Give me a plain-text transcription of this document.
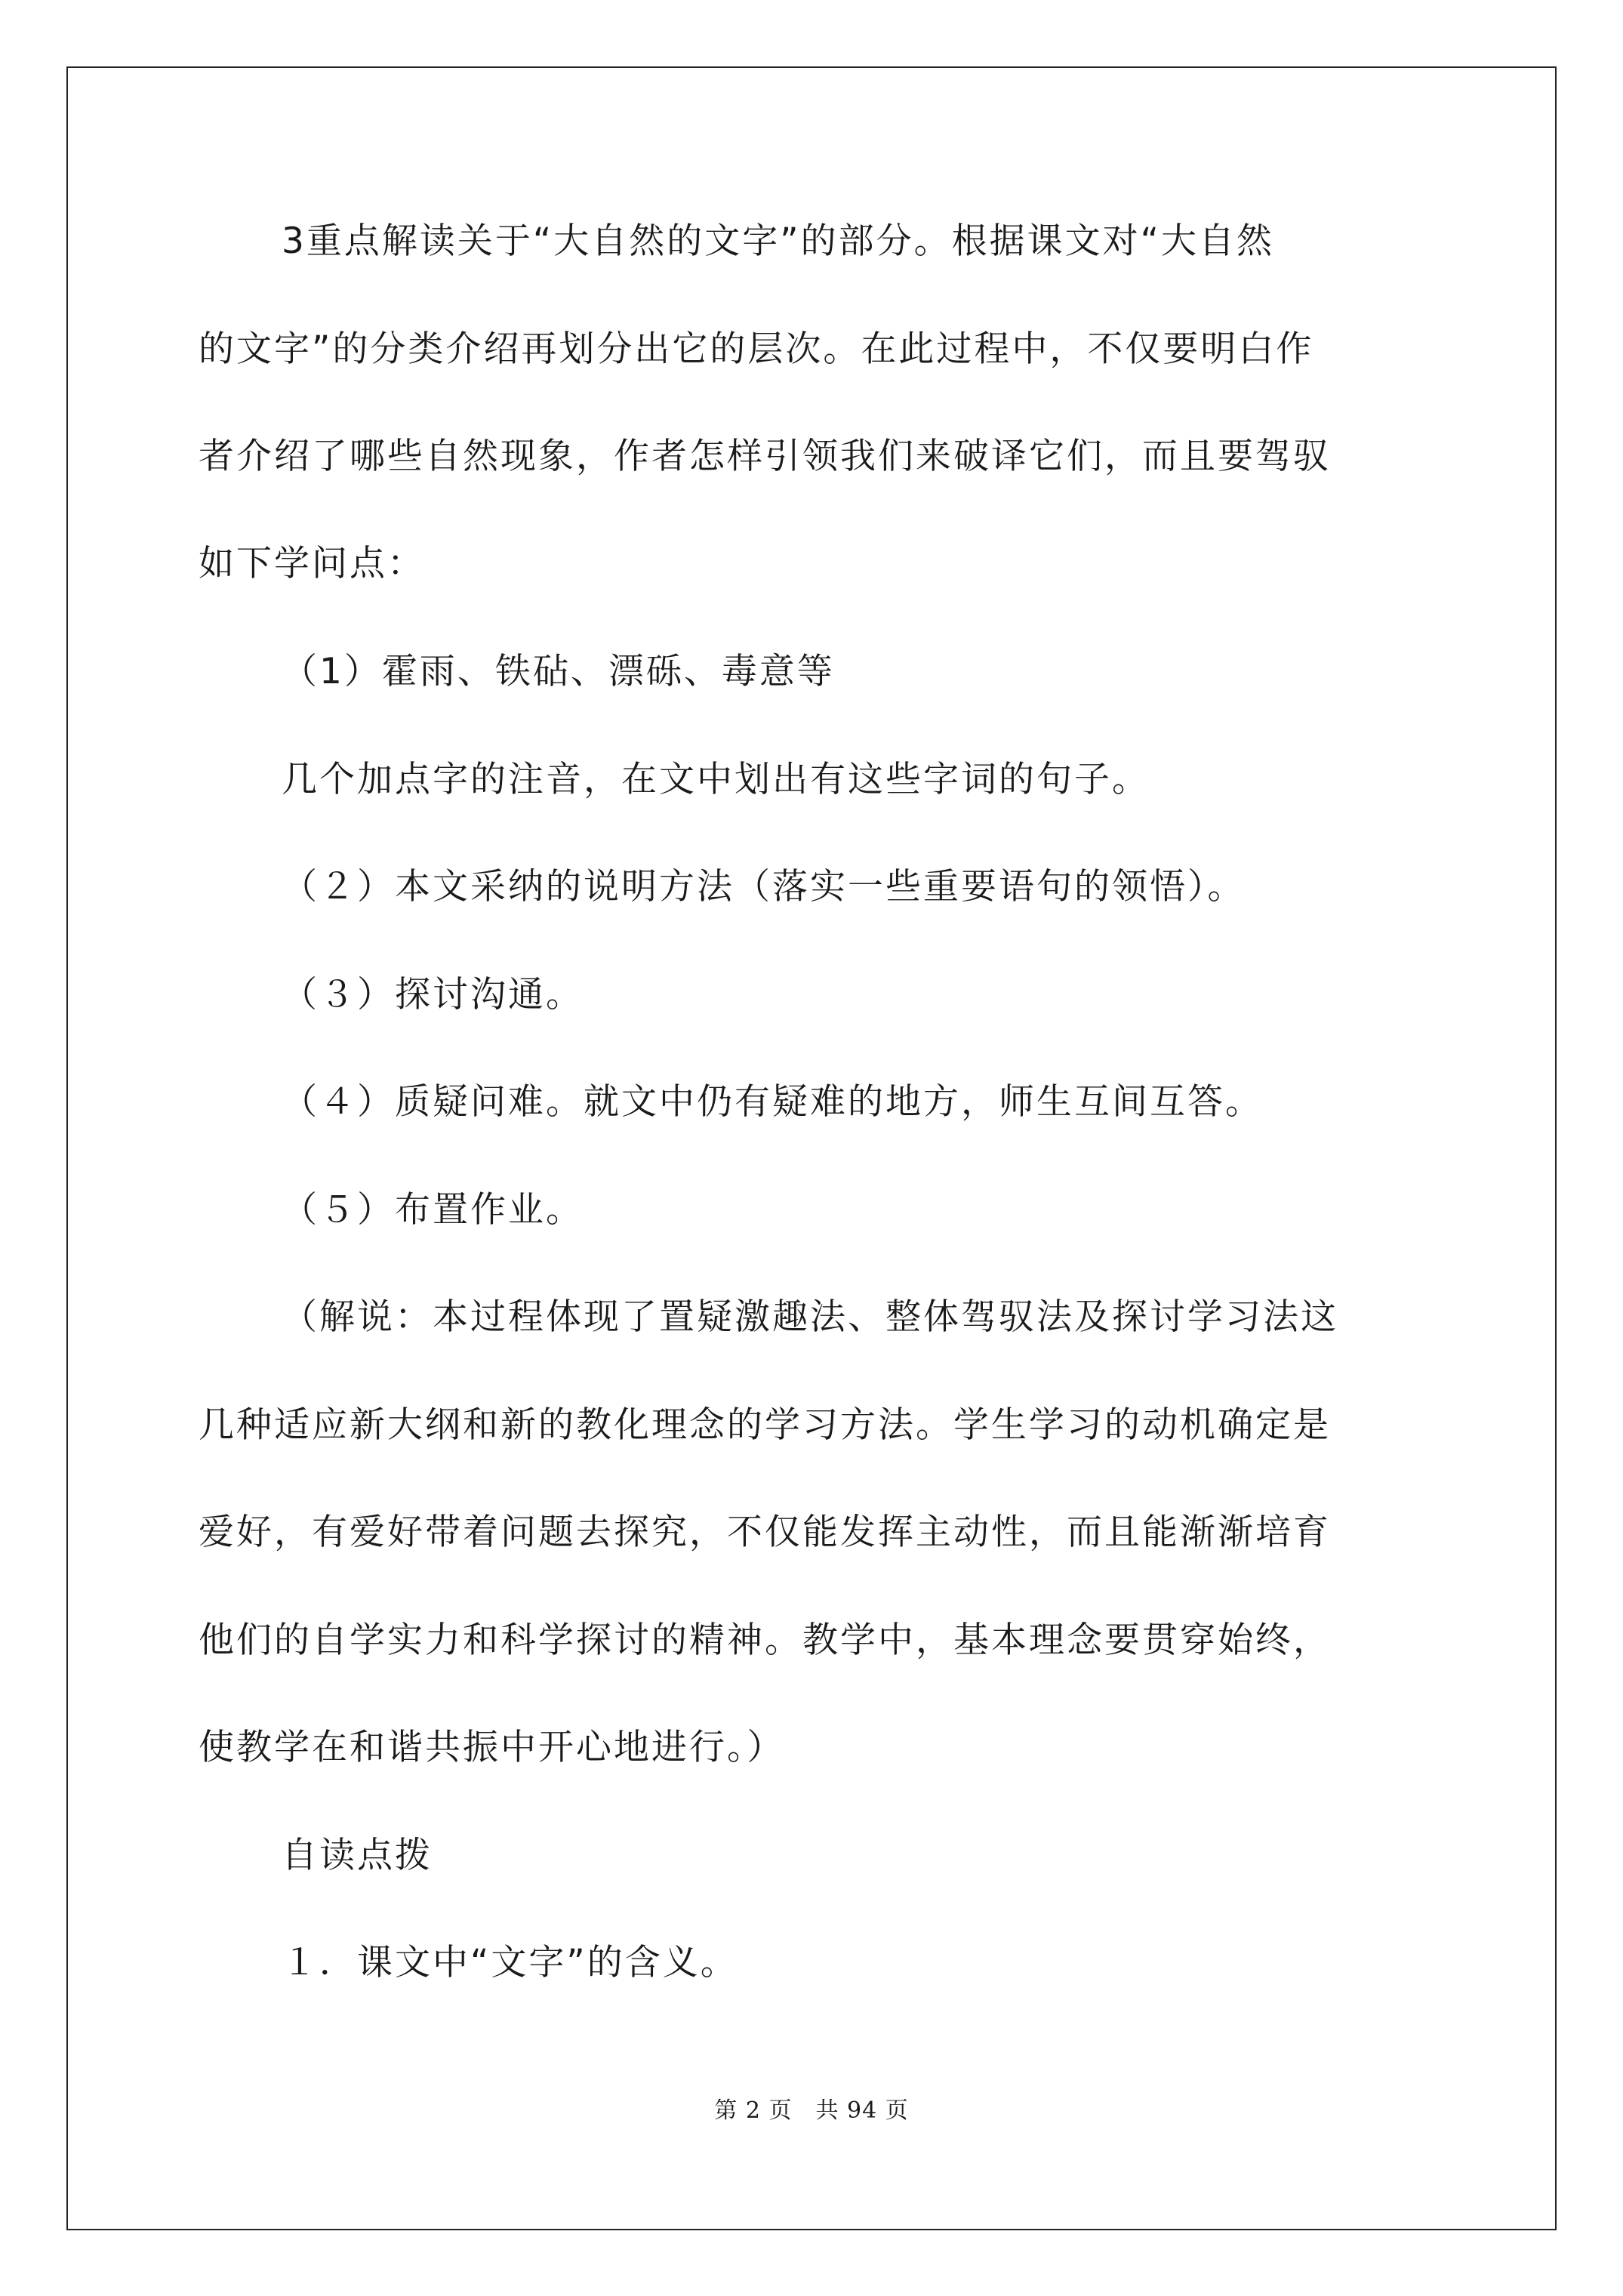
3重点解读关于“大自然的文字”的部分。根据课文对“大自然
的文字”的分类介绍再划分出它的层次。在此过程中，不仅要明白作
者介绍了哪些自然现象，作者怎样引领我们来破译它们，而且要驾驭
如下学问点：
（1）霍雨、铁砧、漂砾、毒意等
几个加点字的注音，在文中划出有这些字词的句子。
（２）本文采纳的说明方法（落实一些重要语句的领悟）。
（３）探讨沟通。
（４）质疑问难。就文中仍有疑难的地方，师生互间互答。
（５）布置作业。
（解说：本过程体现了置疑激趣法、整体驾驭法及探讨学习法这
几种适应新大纲和新的教化理念的学习方法。学生学习的动机确定是
爱好，有爱好带着问题去探究，不仅能发挥主动性，而且能渐渐培育
他们的自学实力和科学探讨的精神。教学中，基本理念要贯穿始终，
使教学在和谐共振中开心地进行。）
自读点拨
１．课文中“文字”的含义。
第 2 页　共 94 页
